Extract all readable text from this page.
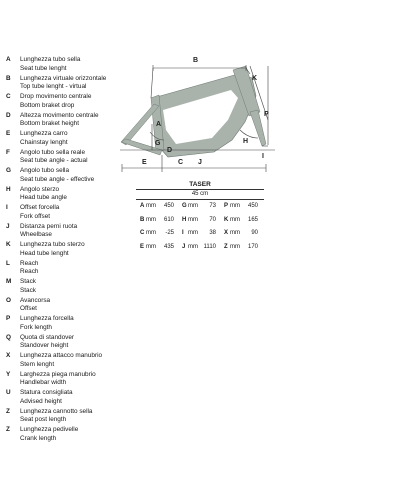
A	Lunghezza tubo sella
Seat tube lenght
B	Lunghezza virtuale orizzontale
Top tube lenght - virtual
C	Drop movimento centrale
Bottom braket drop
D	Altezza movimento centrale
Bottom braket height
E	Lunghezza carro
Chainstay lenght
F	Angolo tubo sella reale
Seat tube angle - actual
G	Angolo tubo sella
Seat tube angle - effective
H	Angolo sterzo
Head tube angle
I	Offset forcella
Fork offset
J	Distanza perni ruota
Wheelbase
K	Lunghezza tubo sterzo
Head tube lenght
L	Reach
Reach
M	Stack
Stack
O	Avancorsa
Offset
P	Lunghezza forcella
Fork length
Q	Quota di standover
Standover height
X	Lunghezza attacco manubrio
Stem lenght
Y	Larghezza piega manubrio
Handlebar width
U	Statura consigliata
Advised height
Z	Lunghezza cannotto sella
Seat post length
Z	Lunghezza pedivelle
Crank length
B
K
P
A
G
D
H
I
E	C J
TASER
45 cm
A mm	450 G mm	73 P mm	450
B mm	610 H mm	70 K mm	165
C mm	-25 I mm	38 X mm	90
E mm	435 J mm 1110 Z mm	170
